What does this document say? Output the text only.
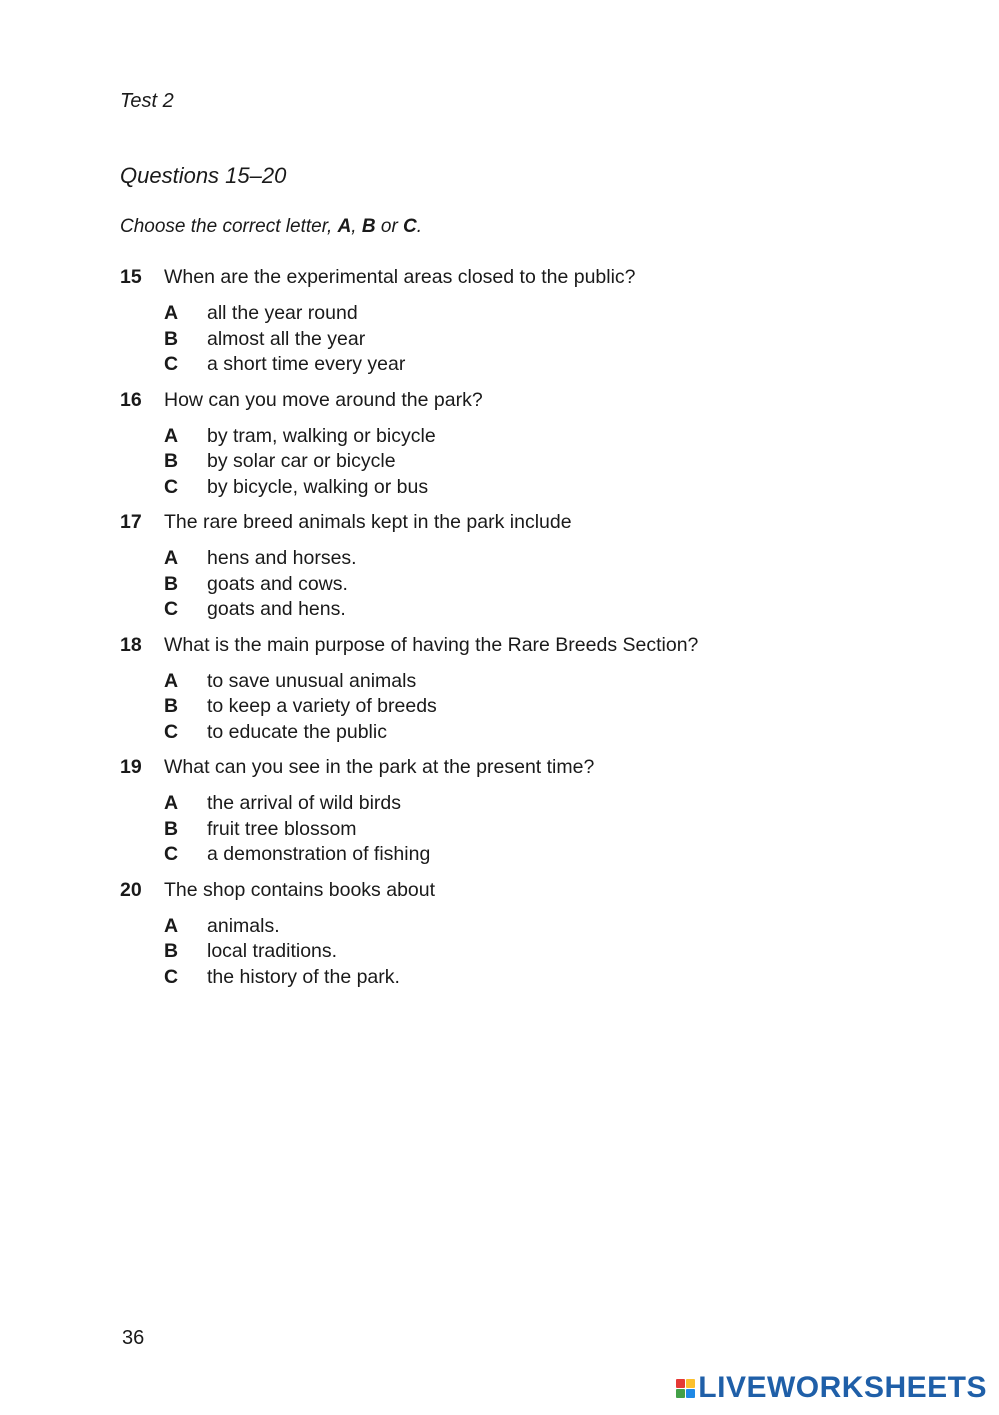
Test 2
Questions 15–20
Choose the correct letter, A, B or C.
15	When are the experimental areas closed to the public?
A	all the year round
B	almost all the year
C	a short time every year
16	How can you move around the park?
A	by tram, walking or bicycle
B	by solar car or bicycle
C	by bicycle, walking or bus
17	The rare breed animals kept in the park include
A	hens and horses.
B	goats and cows.
C	goats and hens.
18	What is the main purpose of having the Rare Breeds Section?
A	to save unusual animals
B	to keep a variety of breeds
C	to educate the public
19	What can you see in the park at the present time?
A	the arrival of wild birds
B	fruit tree blossom
C	a demonstration of fishing
20	The shop contains books about
A	animals.
B	local traditions.
C	the history of the park.
36
LIVEWORKSHEETS
